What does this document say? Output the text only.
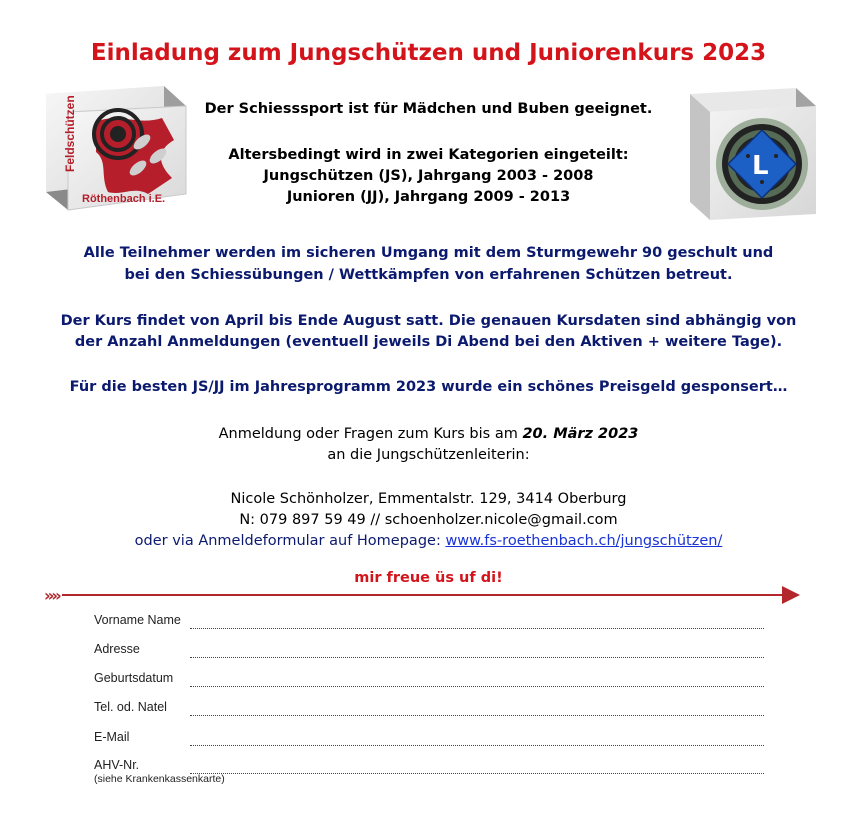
Einladung zum Jungschützen und Juniorenkurs 2023
Feldschützen
Röthenbach i.E.
L
Der Schiesssport ist für Mädchen und Buben geeignet.
Altersbedingt wird in zwei Kategorien eingeteilt:
Jungschützen (JS), Jahrgang 2003 - 2008
Junioren (JJ), Jahrgang 2009 - 2013
Alle Teilnehmer werden im sicheren Umgang mit dem Sturmgewehr 90 geschult und
bei den Schiessübungen / Wettkämpfen von erfahrenen Schützen betreut.
Der Kurs findet von April bis Ende August satt. Die genauen Kursdaten sind abhängig von
der Anzahl Anmeldungen (eventuell jeweils Di Abend bei den Aktiven + weitere Tage).
Für die besten JS/JJ im Jahresprogramm 2023 wurde ein schönes Preisgeld gesponsert…
Anmeldung oder Fragen zum Kurs bis am 20. März 2023
an die Jungschützenleiterin:
Nicole Schönholzer, Emmentalstr. 129, 3414 Oberburg
N: 079 897 59 49 // schoenholzer.nicole@gmail.com
oder via Anmeldeformular auf Homepage: www.fs-roethenbach.ch/jungschützen/
mir freue üs uf di!
»»
Vorname Name
Adresse
Geburtsdatum
Tel. od. Natel
E-Mail
AHV-Nr.
(siehe Krankenkassenkarte)
